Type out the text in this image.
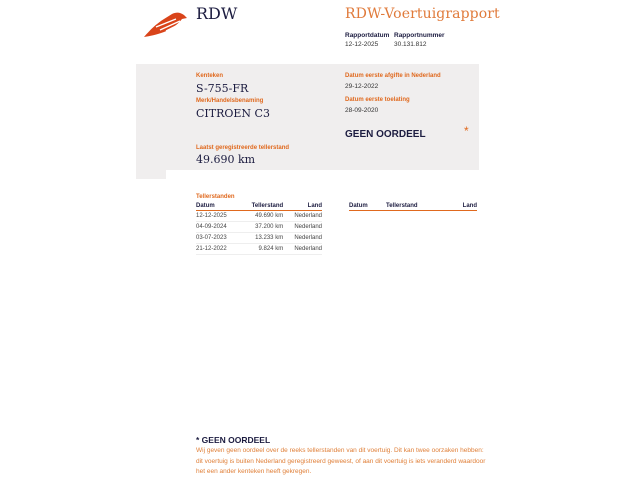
RDW	RDW-Voertuigrapport
Rapportdatum
12-12-2025
Rapportnummer
30.131.812
Kenteken
S-755-FR
Merk/Handelsbenaming
CITROEN C3
Datum eerste afgifte in Nederland
29-12-2022
Datum eerste toelating
28-09-2020
GEEN OORDEEL	*
Laatst geregistreerde tellerstand
49.690 km
Tellerstanden
Datum	Tellerstand	Land
12-12-2025	49.690 km	Nederland
04-09-2024	37.200 km	Nederland
03-07-2023	13.233 km	Nederland
21-12-2022	9.824 km	Nederland
Datum	Tellerstand	Land
* GEEN OORDEEL
Wij geven geen oordeel over de reeks tellerstanden van dit voertuig. Dit kan twee oorzaken hebben: dit voertuig is buiten Nederland geregistreerd geweest, of aan dit voertuig is iets veranderd waardoor het een ander kenteken heeft gekregen.
